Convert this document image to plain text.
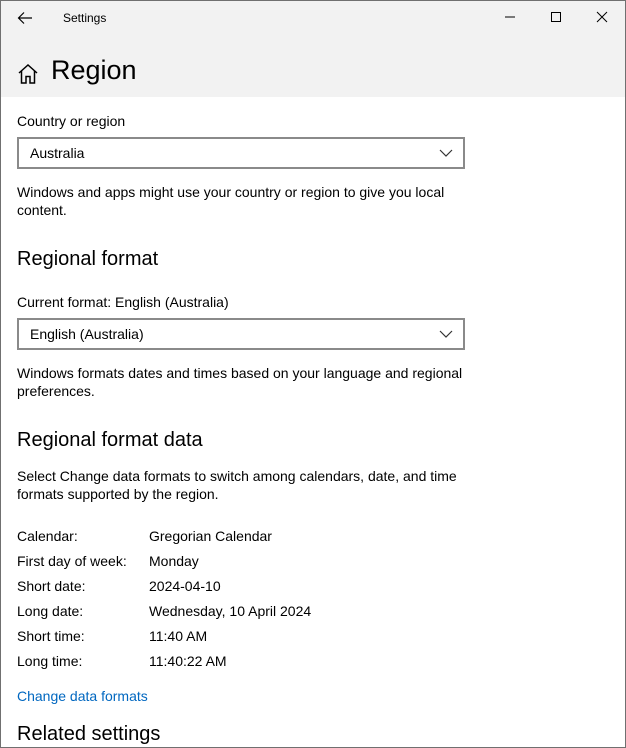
Settings
Region
Country or region
Australia
Windows and apps might use your country or region to give you local content.
Regional format
Current format: English (Australia)
English (Australia)
Windows formats dates and times based on your language and regional preferences.
Regional format data
Select Change data formats to switch among calendars, date, and time formats supported by the region.
Calendar:	Gregorian Calendar
First day of week: Monday
Short date:	2024-04-10
Long date:	Wednesday, 10 April 2024
Short time:	11:40 AM
Long time:	11:40:22 AM
Change data formats
Related settings
